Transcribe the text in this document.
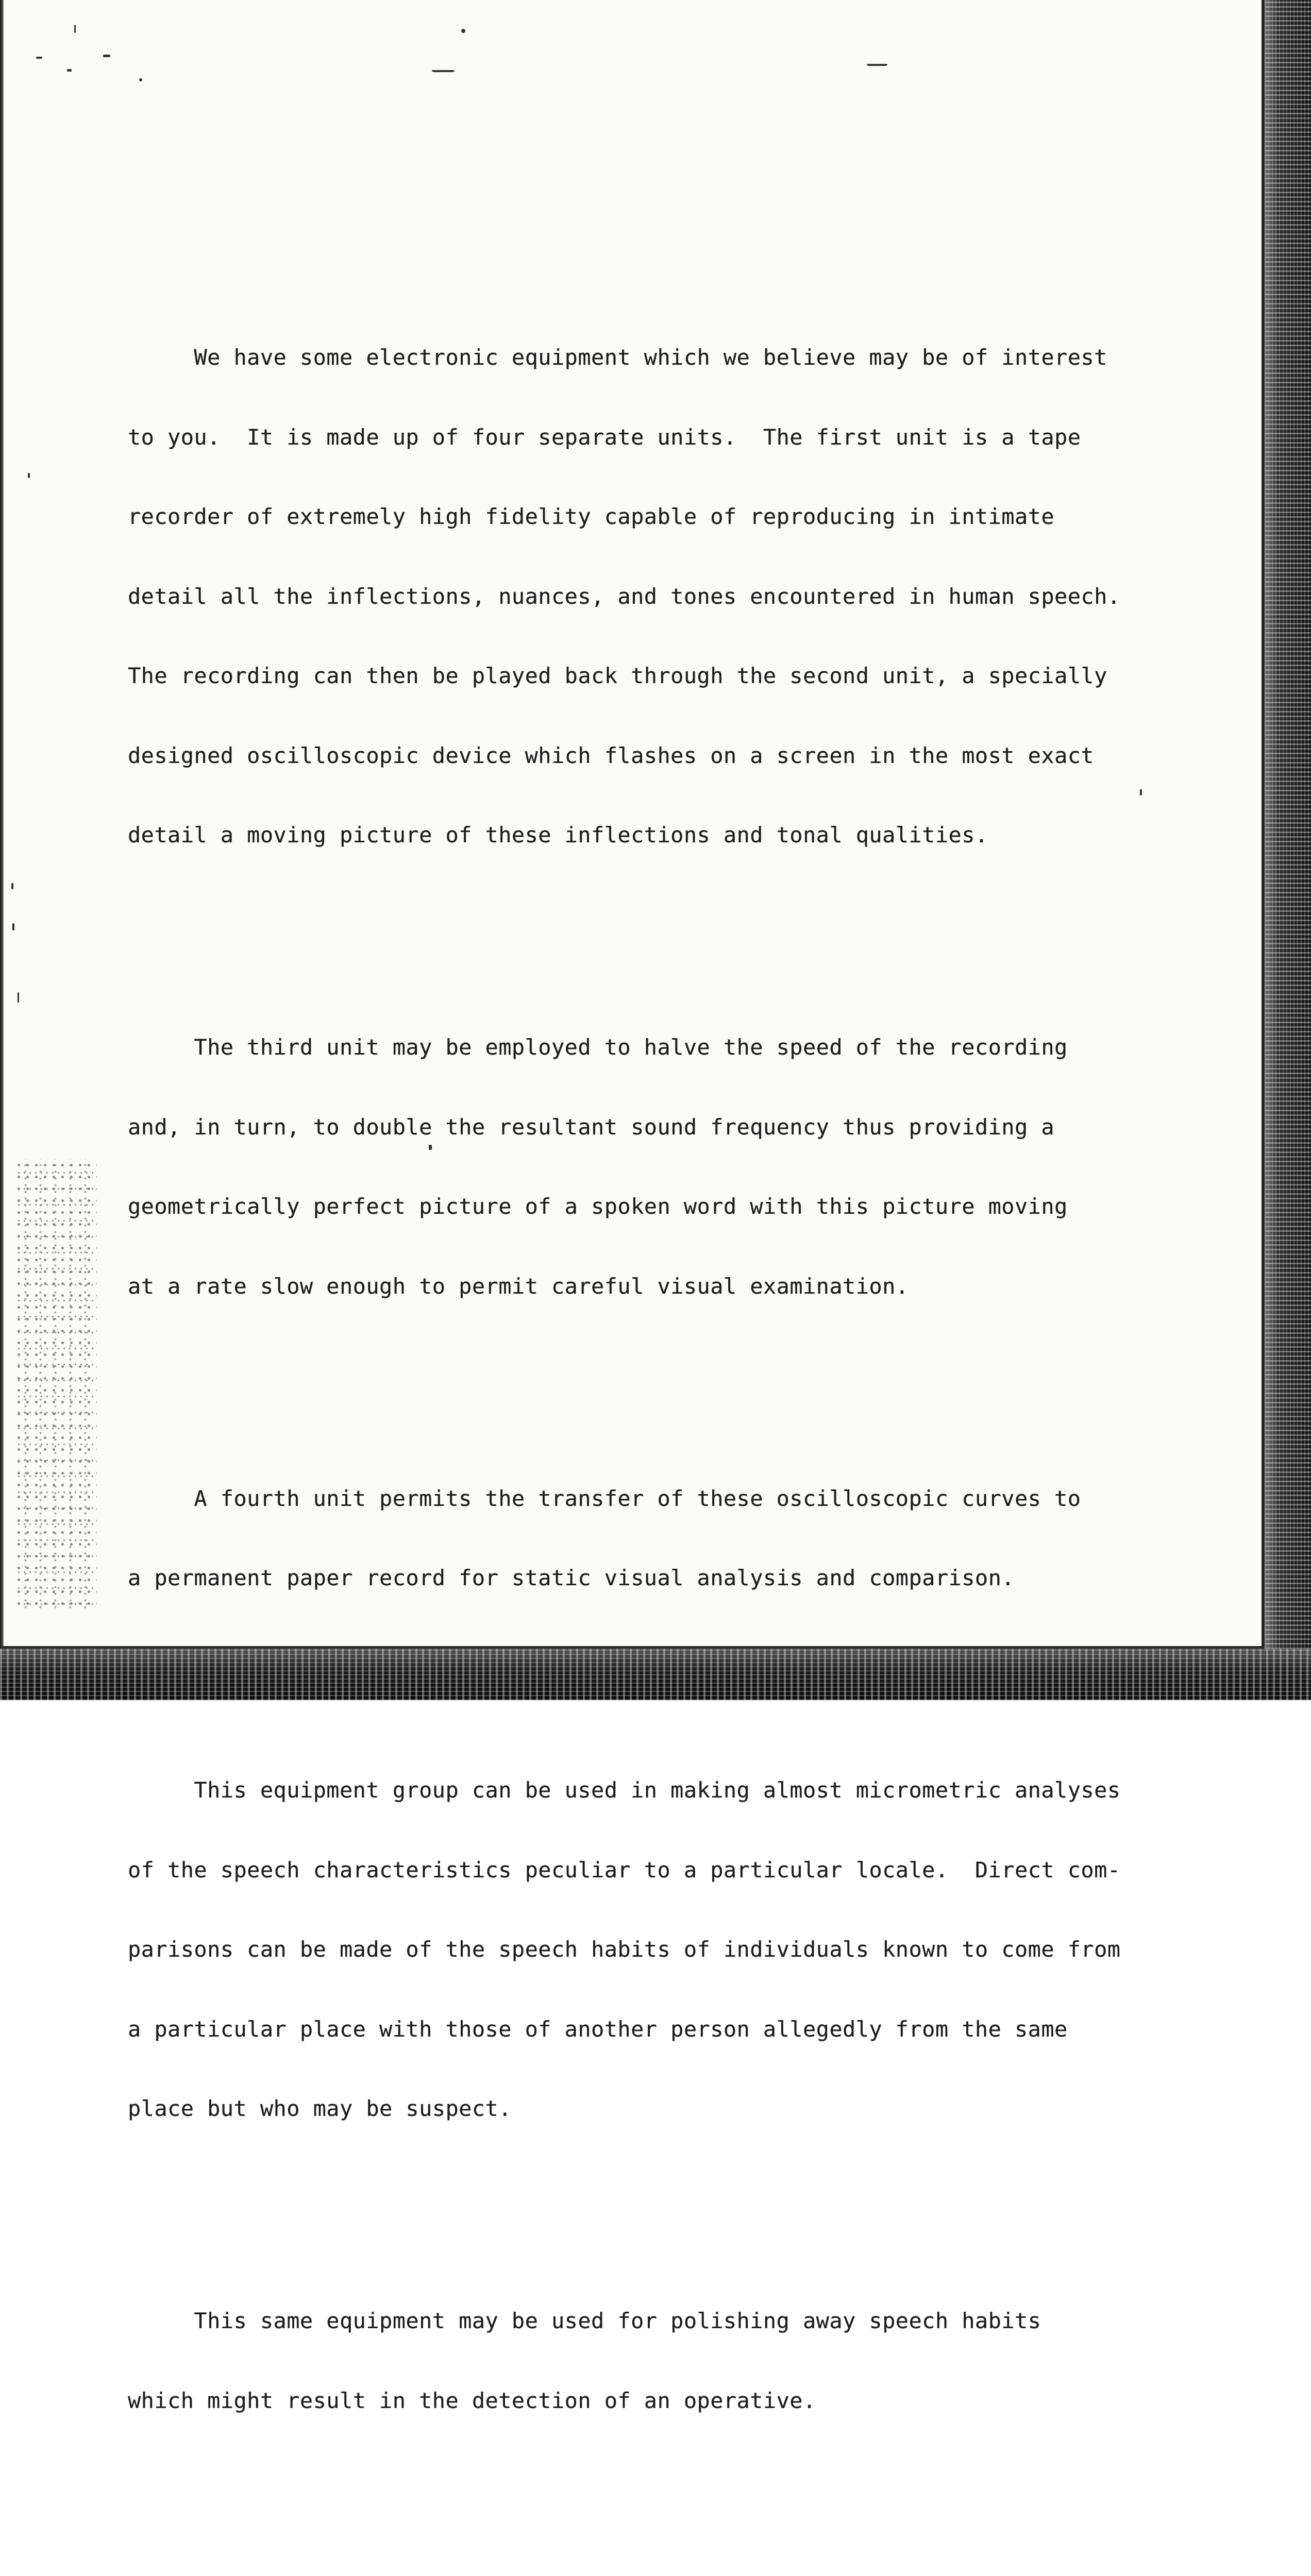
We have some electronic equipment which we believe may be of interest

to you.  It is made up of four separate units.  The first unit is a tape

recorder of extremely high fidelity capable of reproducing in intimate

detail all the inflections, nuances, and tones encountered in human speech.

The recording can then be played back through the second unit, a specially

designed oscilloscopic device which flashes on a screen in the most exact

detail a moving picture of these inflections and tonal qualities.

The third unit may be employed to halve the speed of the recording

and, in turn, to double the resultant sound frequency thus providing a

geometrically perfect picture of a spoken word with this picture moving

at a rate slow enough to permit careful visual examination.

A fourth unit permits the transfer of these oscilloscopic curves to

a permanent paper record for static visual analysis and comparison.

This equipment group can be used in making almost micrometric analyses

of the speech characteristics peculiar to a particular locale.  Direct com-

parisons can be made of the speech habits of individuals known to come from

a particular place with those of another person allegedly from the same

place but who may be suspect.

This same equipment may be used for polishing away speech habits

which might result in the detection of an operative.
